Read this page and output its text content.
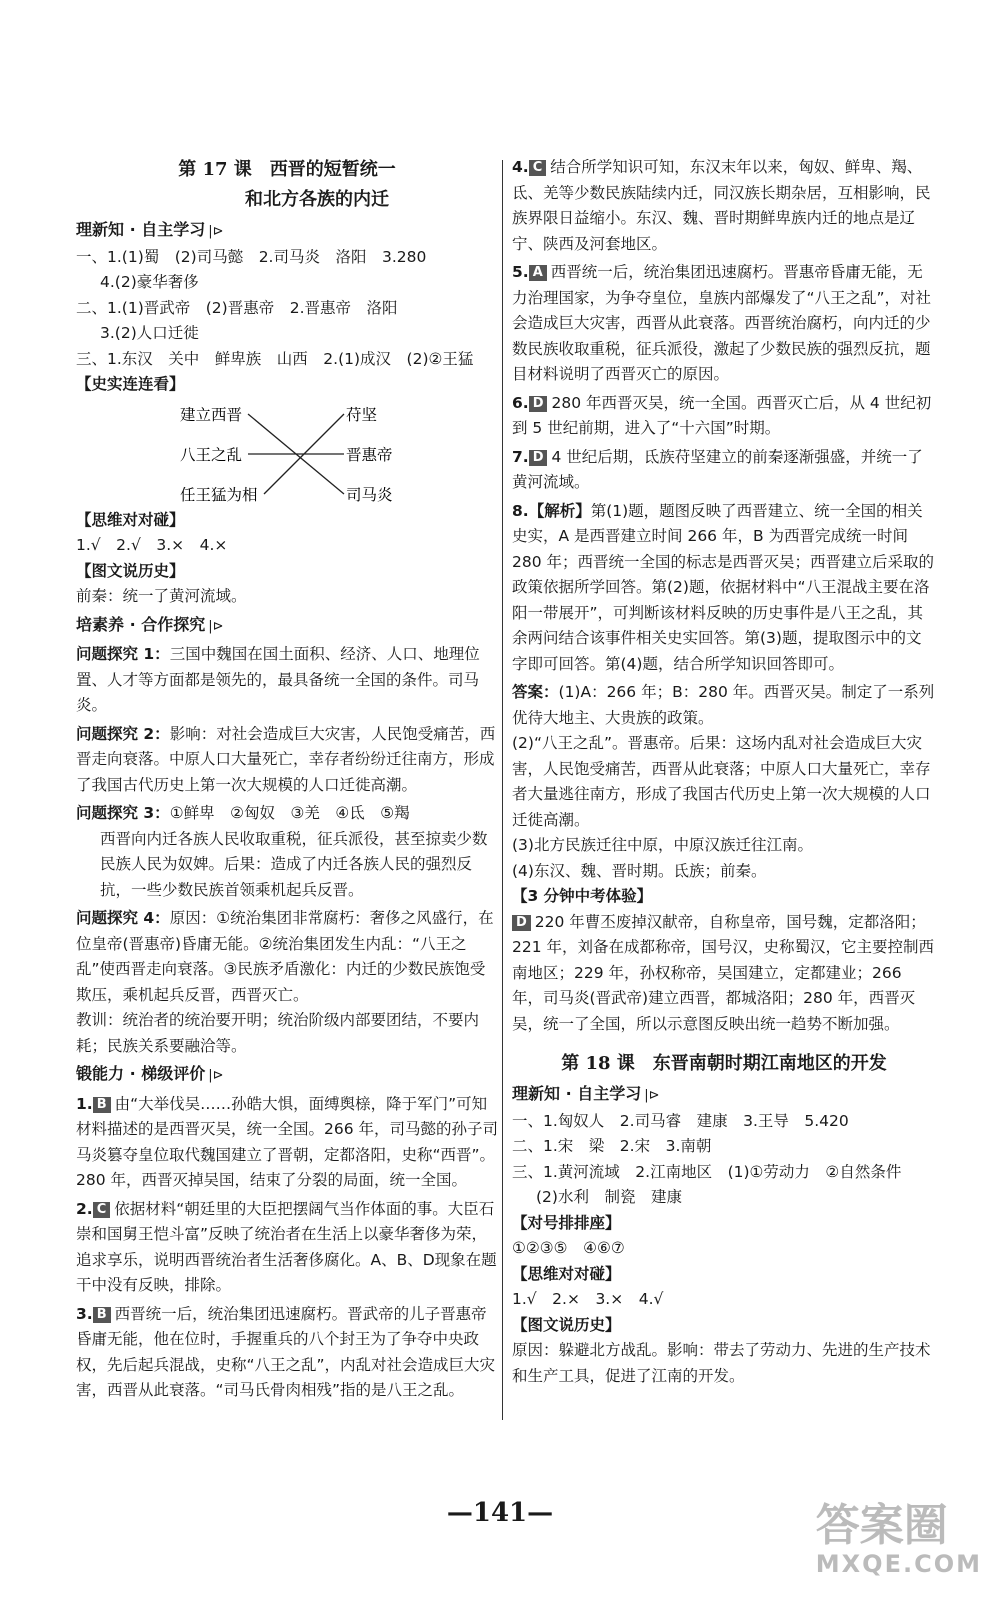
第 17 课　西晋的短暂统一

和北方各族的内迁
理新知 · 自主学习 |⊳

一、1.(1)蜀　(2)司马懿　2.司马炎　洛阳　3.280

4.(2)豪华奢侈

二、1.(1)晋武帝　(2)晋惠帝　2.晋惠帝　洛阳

3.(2)人口迁徙

三、1.东汉　关中　鲜卑族　山西　2.(1)成汉　(2)②王猛

【史实连连看】

建立西晋
八王之乱
任王猛为相
苻坚
晋惠帝
司马炎

【思维对对碰】

1.√　2.√　3.×　4.×

【图文说历史】

前秦：统一了黄河流域。

培素养 · 合作探究 |⊳

问题探究 1：三国中魏国在国土面积、经济、人口、地理位置、人才等方面都是领先的，最具备统一全国的条件。司马炎。

问题探究 2：影响：对社会造成巨大灾害，人民饱受痛苦，西晋走向衰落。中原人口大量死亡，幸存者纷纷迁往南方，形成了我国古代历史上第一次大规模的人口迁徙高潮。

问题探究 3：①鲜卑　②匈奴　③羌　④氐　⑤羯

西晋向内迁各族人民收取重税，征兵派役，甚至掠卖少数民族人民为奴婢。后果：造成了内迁各族人民的强烈反抗，一些少数民族首领乘机起兵反晋。

问题探究 4：原因：①统治集团非常腐朽：奢侈之风盛行，在位皇帝(晋惠帝)昏庸无能。②统治集团发生内乱：“八王之乱”使西晋走向衰落。③民族矛盾激化：内迁的少数民族饱受欺压，乘机起兵反晋，西晋灭亡。

教训：统治者的统治要开明；统治阶级内部要团结，不要内耗；民族关系要融洽等。

锻能力 · 梯级评价 |⊳

1. B 由“大举伐吴……孙皓大惧，面缚舆榇，降于军门”可知材料描述的是西晋灭吴，统一全国。266 年，司马懿的孙子司马炎篡夺皇位取代魏国建立了晋朝，定都洛阳，史称“西晋”。280 年，西晋灭掉吴国，结束了分裂的局面，统一全国。

2. C 依据材料“朝廷里的大臣把摆阔气当作体面的事。大臣石崇和国舅王恺斗富”反映了统治者在生活上以豪华奢侈为荣，追求享乐，说明西晋统治者生活奢侈腐化。A、B、D现象在题干中没有反映，排除。

3. B 西晋统一后，统治集团迅速腐朽。晋武帝的儿子晋惠帝昏庸无能，他在位时，手握重兵的八个封王为了争夺中央政权，先后起兵混战，史称“八王之乱”，内乱对社会造成巨大灾害，西晋从此衰落。“司马氏骨肉相残”指的是八王之乱。

4. C 结合所学知识可知，东汉末年以来，匈奴、鲜卑、羯、氐、羌等少数民族陆续内迁，同汉族长期杂居，互相影响，民族界限日益缩小。东汉、魏、晋时期鲜卑族内迁的地点是辽宁、陕西及河套地区。

5. A 西晋统一后，统治集团迅速腐朽。晋惠帝昏庸无能，无力治理国家，为争夺皇位，皇族内部爆发了“八王之乱”，对社会造成巨大灾害，西晋从此衰落。西晋统治腐朽，向内迁的少数民族收取重税，征兵派役，激起了少数民族的强烈反抗，题目材料说明了西晋灭亡的原因。

6. D 280 年西晋灭吴，统一全国。西晋灭亡后，从 4 世纪初到 5 世纪前期，进入了“十六国”时期。

7. D 4 世纪后期，氐族苻坚建立的前秦逐渐强盛，并统一了黄河流域。

8.【解析】第(1)题，题图反映了西晋建立、统一全国的相关史实，A 是西晋建立时间 266 年，B 为西晋完成统一时间 280 年；西晋统一全国的标志是西晋灭吴；西晋建立后采取的政策依据所学回答。第(2)题，依据材料中“八王混战主要在洛阳一带展开”，可判断该材料反映的历史事件是八王之乱，其余两问结合该事件相关史实回答。第(3)题，提取图示中的文字即可回答。第(4)题，结合所学知识回答即可。

答案：(1)A：266 年；B：280 年。西晋灭吴。制定了一系列优待大地主、大贵族的政策。

(2)“八王之乱”。晋惠帝。后果：这场内乱对社会造成巨大灾害，人民饱受痛苦，西晋从此衰落；中原人口大量死亡，幸存者大量逃往南方，形成了我国古代历史上第一次大规模的人口迁徙高潮。

(3)北方民族迁往中原，中原汉族迁往江南。

(4)东汉、魏、晋时期。氐族；前秦。

【3 分钟中考体验】

D 220 年曹丕废掉汉献帝，自称皇帝，国号魏，定都洛阳；221 年，刘备在成都称帝，国号汉，史称蜀汉，它主要控制西南地区；229 年，孙权称帝，吴国建立，定都建业；266 年，司马炎(晋武帝)建立西晋，都城洛阳；280 年，西晋灭吴，统一了全国，所以示意图反映出统一趋势不断加强。

第 18 课　东晋南朝时期江南地区的开发
理新知 · 自主学习 |⊳

一、1.匈奴人　2.司马睿　建康　3.王导　5.420

二、1.宋　梁　2.宋　3.南朝

三、1.黄河流域　2.江南地区　(1)①劳动力　②自然条件

(2)水利　制瓷　建康

【对号排排座】

①②③⑤　④⑥⑦

【思维对对碰】

1.√　2.×　3.×　4.√

【图文说历史】

原因：躲避北方战乱。影响：带去了劳动力、先进的生产技术和生产工具，促进了江南的开发。

—141—	答案圈
MXQE.COM
